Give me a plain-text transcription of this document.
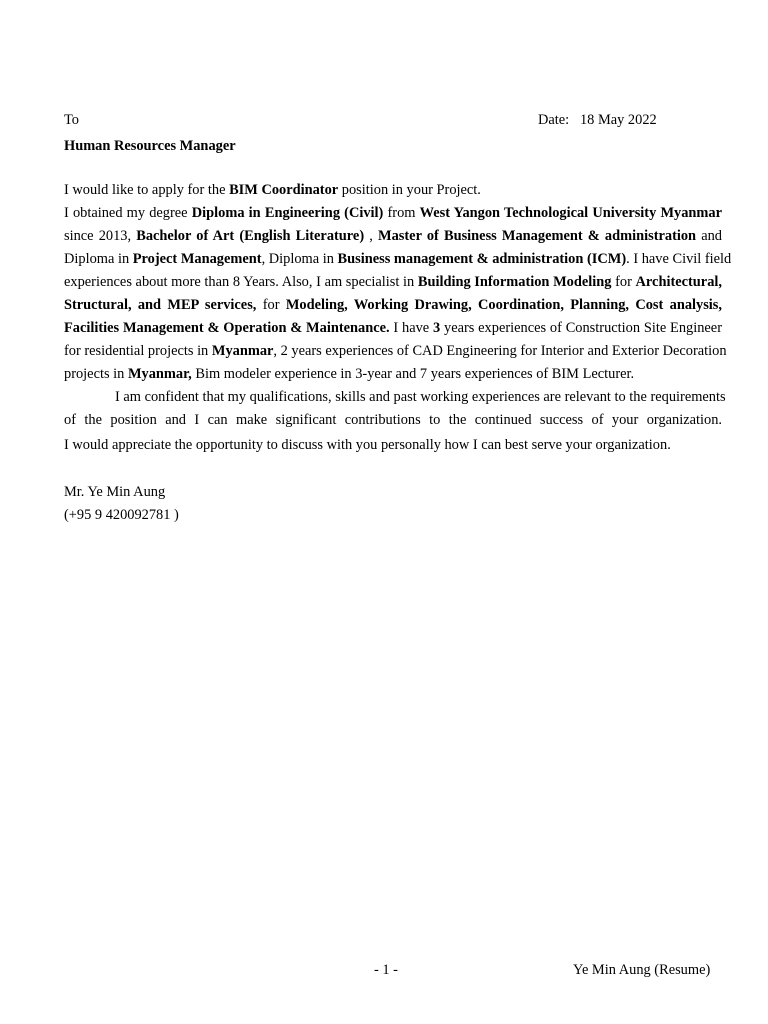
To	Date: 18 May 2022
Human Resources Manager
I would like to apply for the BIM Coordinator position in your Project.
I obtained my degree Diploma in Engineering (Civil) from West Yangon Technological University Myanmar
since 2013, Bachelor of Art (English Literature) , Master of Business Management & administration and
Diploma in Project Management, Diploma in Business management & administration (ICM). I have Civil field
experiences about more than 8 Years. Also, I am specialist in Building Information Modeling for Architectural,
Structural, and MEP services, for Modeling, Working Drawing, Coordination, Planning, Cost analysis,
Facilities Management & Operation & Maintenance. I have 3 years experiences of Construction Site Engineer
for residential projects in Myanmar, 2 years experiences of CAD Engineering for Interior and Exterior Decoration
projects in Myanmar, Bim modeler experience in 3-year and 7 years experiences of BIM Lecturer.
I am confident that my qualifications, skills and past working experiences are relevant to the requirements
of the position and I can make significant contributions to the continued success of your organization.
I would appreciate the opportunity to discuss with you personally how I can best serve your organization.
Mr. Ye Min Aung
(+95 9 420092781 )
- 1 -	Ye Min Aung (Resume)
